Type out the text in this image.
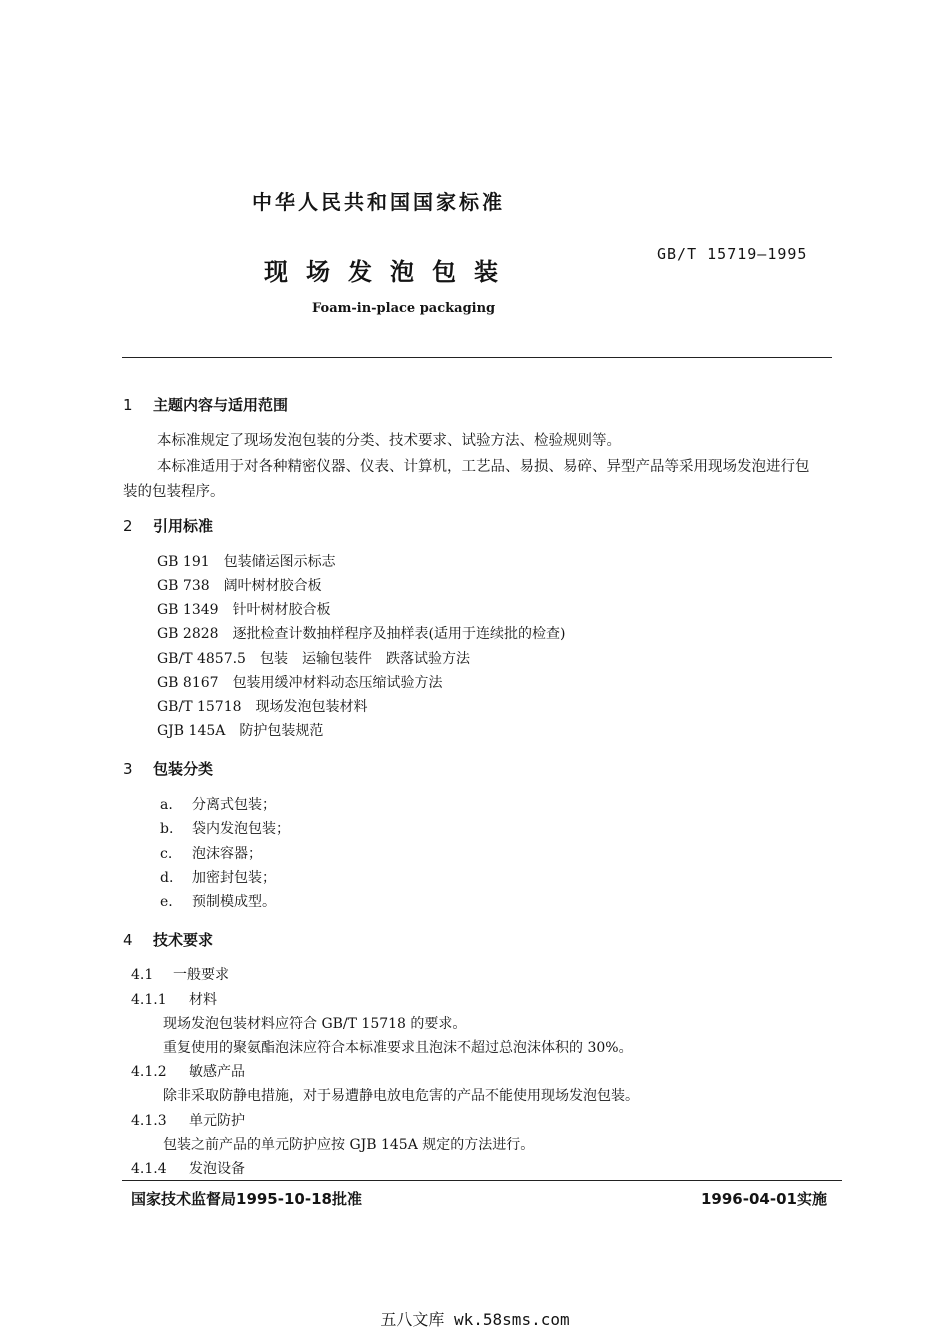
中华人民共和国国家标准
现场发泡包装
GB/T 15719—1995
Foam-in-place packaging
1 主题内容与适用范围
本标准规定了现场发泡包装的分类、技术要求、试验方法、检验规则等。
本标准适用于对各种精密仪器、仪表、计算机，工艺品、易损、易碎、异型产品等采用现场发泡进行包
装的包装程序。
2 引用标准
GB 191 包装储运图示标志
GB 738 阔叶树材胶合板
GB 1349 针叶树材胶合板
GB 2828 逐批检查计数抽样程序及抽样表(适用于连续批的检查)
GB/T 4857.5 包装　运输包装件　跌落试验方法
GB 8167 包装用缓冲材料动态压缩试验方法
GB/T 15718 现场发泡包装材料
GJB 145A 防护包装规范
3 包装分类
a. 分离式包装；
b. 袋内发泡包装；
c. 泡沫容器；
d. 加密封包装；
e. 预制模成型。
4 技术要求
4.1 一般要求
4.1.1 材料
现场发泡包装材料应符合 GB/T 15718 的要求。
重复使用的聚氨酯泡沫应符合本标准要求且泡沫不超过总泡沫体积的 30%。
4.1.2 敏感产品
除非采取防静电措施，对于易遭静电放电危害的产品不能使用现场发泡包装。
4.1.3 单元防护
包装之前产品的单元防护应按 GJB 145A 规定的方法进行。
4.1.4 发泡设备
国家技术监督局1995-10-18批准	1996-04-01实施
五八文库 wk.58sms.com
